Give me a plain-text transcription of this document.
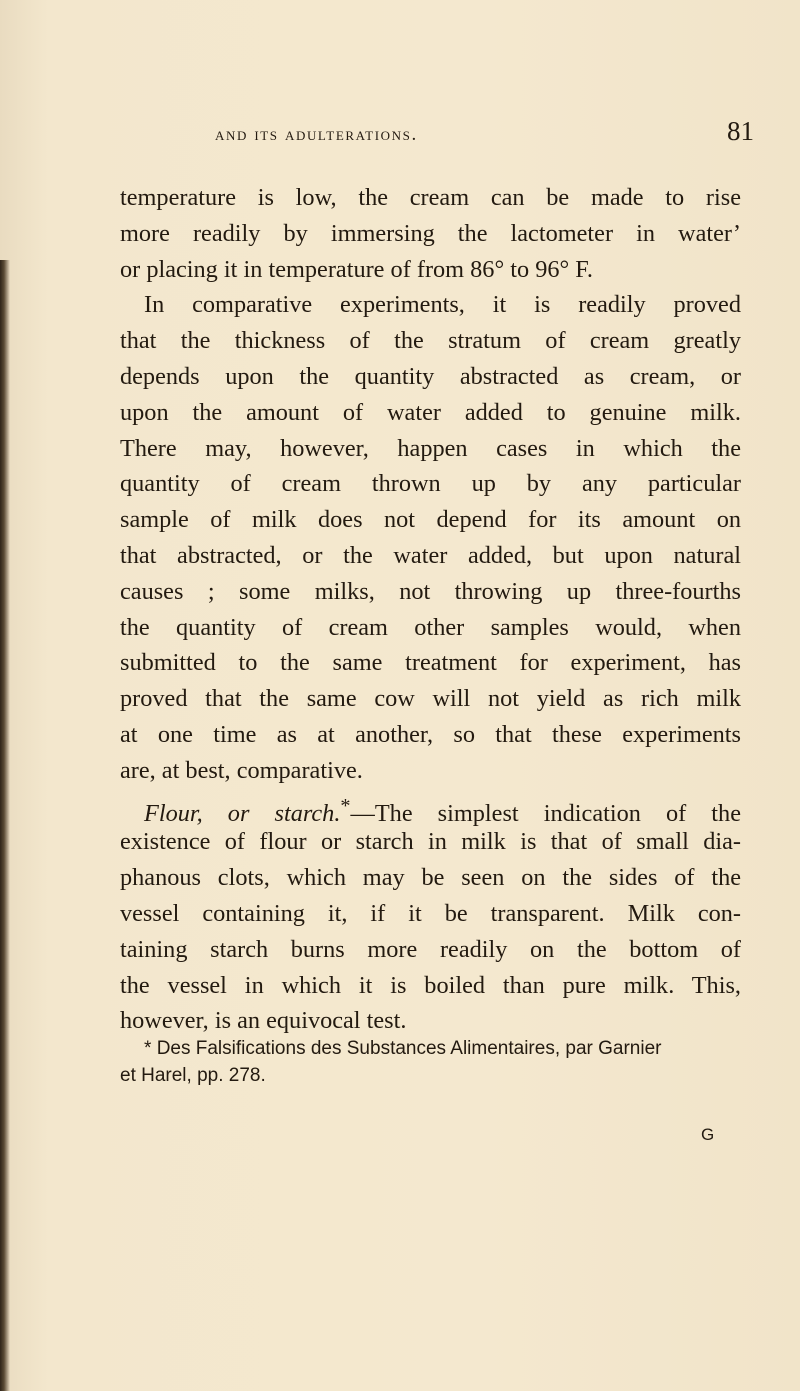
and its adulterations.	81
temperature is low, the cream can be made to rise
more readily by immersing the lactometer in water’
or placing it in temperature of from 86° to 96° F.
In comparative experiments, it is readily proved
that the thickness of the stratum of cream greatly
depends upon the quantity abstracted as cream, or
upon the amount of water added to genuine milk.
There may, however, happen cases in which the
quantity of cream thrown up by any particular
sample of milk does not depend for its amount on
that abstracted, or the water added, but upon natural
causes ; some milks, not throwing up three-fourths
the quantity of cream other samples would, when
submitted to the same treatment for experiment, has
proved that the same cow will not yield as rich milk
at one time as at another, so that these experiments
are, at best, comparative.
Flour, or starch.*—The simplest indication of the
existence of flour or starch in milk is that of small dia-
phanous clots, which may be seen on the sides of the
vessel containing it, if it be transparent. Milk con-
taining starch burns more readily on the bottom of
the vessel in which it is boiled than pure milk. This,
however, is an equivocal test.
* Des Falsifications des Substances Alimentaires, par Garnier
et Harel, pp. 278.
G
